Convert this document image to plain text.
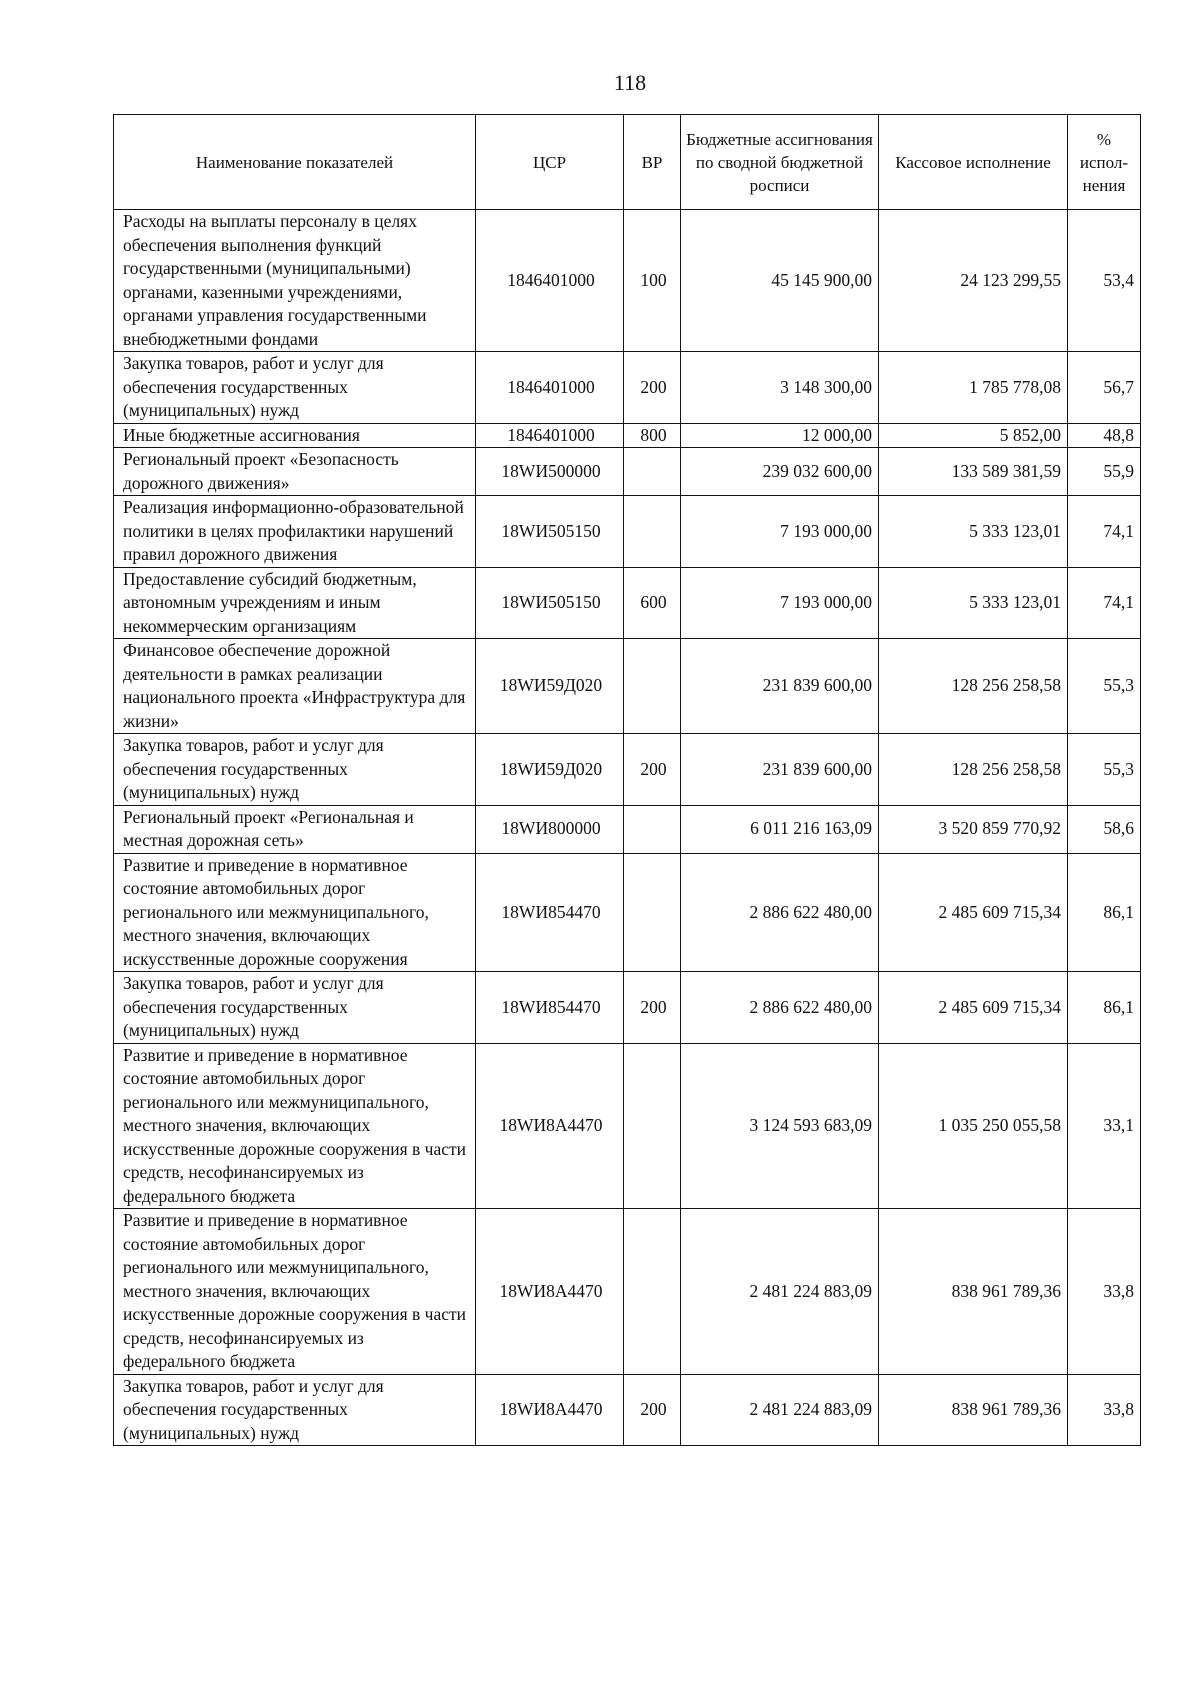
118
Наименование показателей	ЦСР	ВР	Бюджетные ассигнования по сводной бюджетной росписи	Кассовое исполнение	% испол-нения
Расходы на выплаты персоналу в целях обеспечения выполнения функций государственными (муниципальными) органами, казенными учреждениями, органами управления государственными внебюджетными фондами	1846401000	100	45 145 900,00	24 123 299,55	53,4
Закупка товаров, работ и услуг для обеспечения государственных (муниципальных) нужд	1846401000	200	3 148 300,00	1 785 778,08	56,7
Иные бюджетные ассигнования	1846401000	800	12 000,00	5 852,00	48,8
Региональный проект «Безопасность дорожного движения»	18WИ500000		239 032 600,00	133 589 381,59	55,9
Реализация информационно-образовательной политики в целях профилактики нарушений правил дорожного движения	18WИ505150		7 193 000,00	5 333 123,01	74,1
Предоставление субсидий бюджетным, автономным учреждениям и иным некоммерческим организациям	18WИ505150	600	7 193 000,00	5 333 123,01	74,1
Финансовое обеспечение дорожной деятельности в рамках реализации национального проекта «Инфраструктура для жизни»	18WИ59Д020		231 839 600,00	128 256 258,58	55,3
Закупка товаров, работ и услуг для обеспечения государственных (муниципальных) нужд	18WИ59Д020	200	231 839 600,00	128 256 258,58	55,3
Региональный проект «Региональная и местная дорожная сеть»	18WИ800000		6 011 216 163,09	3 520 859 770,92	58,6
Развитие и приведение в нормативное состояние автомобильных дорог регионального или межмуниципального, местного значения, включающих искусственные дорожные сооружения	18WИ854470		2 886 622 480,00	2 485 609 715,34	86,1
Закупка товаров, работ и услуг для обеспечения государственных (муниципальных) нужд	18WИ854470	200	2 886 622 480,00	2 485 609 715,34	86,1
Развитие и приведение в нормативное состояние автомобильных дорог регионального или межмуниципального, местного значения, включающих искусственные дорожные сооружения в части средств, несофинансируемых из федерального бюджета	18WИ8А4470		3 124 593 683,09	1 035 250 055,58	33,1
Развитие и приведение в нормативное состояние автомобильных дорог регионального или межмуниципального, местного значения, включающих искусственные дорожные сооружения в части средств, несофинансируемых из федерального бюджета	18WИ8А4470		2 481 224 883,09	838 961 789,36	33,8
Закупка товаров, работ и услуг для обеспечения государственных (муниципальных) нужд	18WИ8А4470	200	2 481 224 883,09	838 961 789,36	33,8
